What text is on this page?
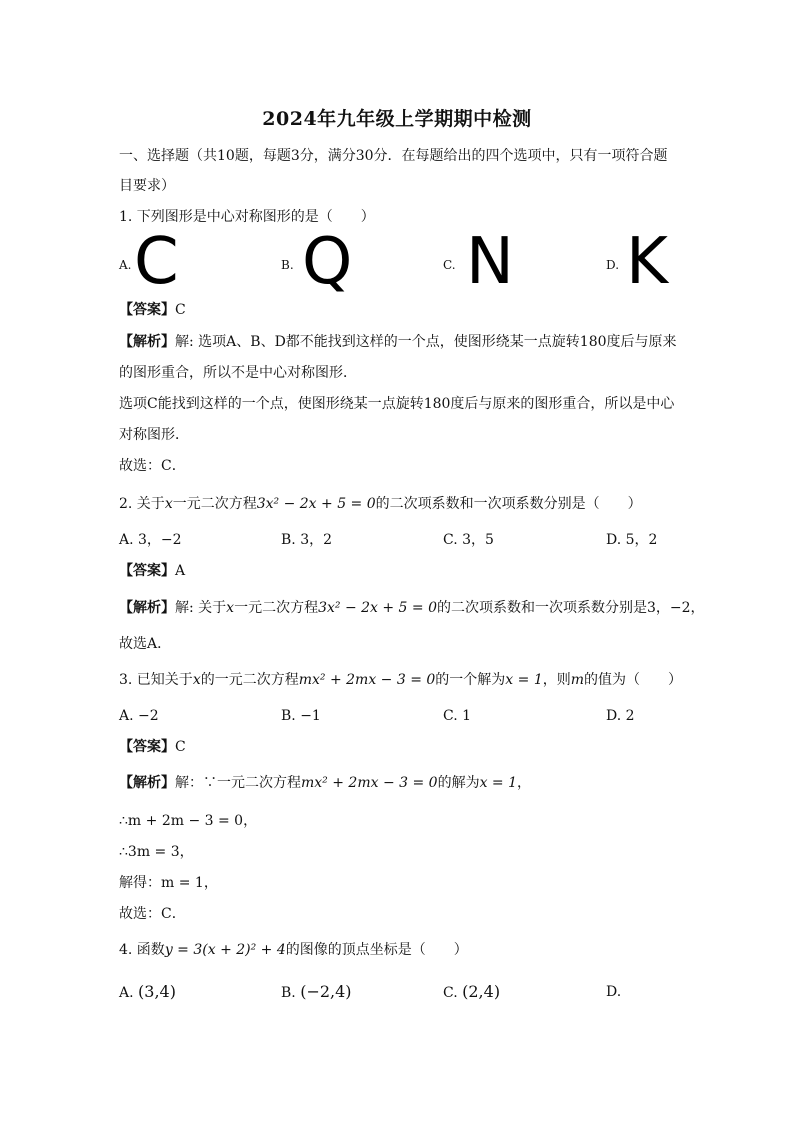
2024年九年级上学期期中检测
一、选择题（共10题，每题3分，满分30分．在每题给出的四个选项中，只有一项符合题
目要求）
1. 下列图形是中心对称图形的是（　　）
A. C	B. Q	C. N	D. K
【答案】C
【解析】解: 选项A、B、D都不能找到这样的一个点，使图形绕某一点旋转180度后与原来
的图形重合，所以不是中心对称图形．
选项C能找到这样的一个点，使图形绕某一点旋转180度后与原来的图形重合，所以是中心
对称图形．
故选：C．
2. 关于x一元二次方程3x² − 2x + 5 = 0的二次项系数和一次项系数分别是（　　）
A. 3，−2	B. 3，2	C. 3，5	D. 5，2
【答案】A
【解析】解: 关于x一元二次方程3x² − 2x + 5 = 0的二次项系数和一次项系数分别是3，−2，
故选A．
3. 已知关于x的一元二次方程mx² + 2mx − 3 = 0的一个解为x = 1，则m的值为（　　）
A. −2	B. −1	C. 1	D. 2
【答案】C
【解析】解：∵一元二次方程mx² + 2mx − 3 = 0的解为x = 1，
∴m + 2m − 3 = 0，
∴3m = 3，
解得：m = 1，
故选：C．
4. 函数y = 3(x + 2)² + 4的图像的顶点坐标是（　　）
A. (3,4)	B. (−2,4)	C. (2,4)	D.
